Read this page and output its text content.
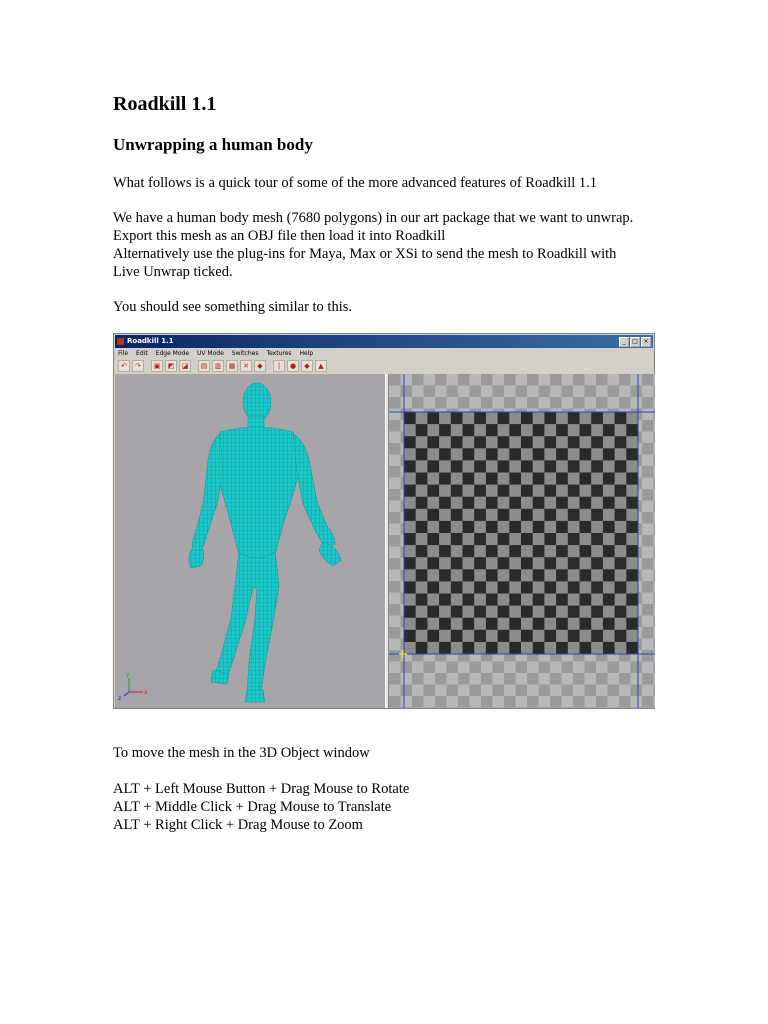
Roadkill 1.1
Unwrapping a human body

What follows is a quick tour of some of the more advanced features of Roadkill 1.1

We have a human body mesh (7680 polygons) in our art package that we want to unwrap.
Export this mesh as an OBJ file then load it into Roadkill
Alternatively use the plug-ins for Maya, Max or XSi to send the mesh to Roadkill with
Live Unwrap ticked.

You should see something similar to this.

Roadkill 1.1	_	□ ×
File Edit Edge Mode UV Mode Switches Textures Help
↶	↷	▣	◩	◪	▤	▥	▦	✕	◆	|	●	◆	▲
x
y
z
To move the mesh in the 3D Object window
ALT + Left Mouse Button + Drag Mouse to Rotate
ALT + Middle Click + Drag Mouse to Translate
ALT + Right Click + Drag Mouse to Zoom
